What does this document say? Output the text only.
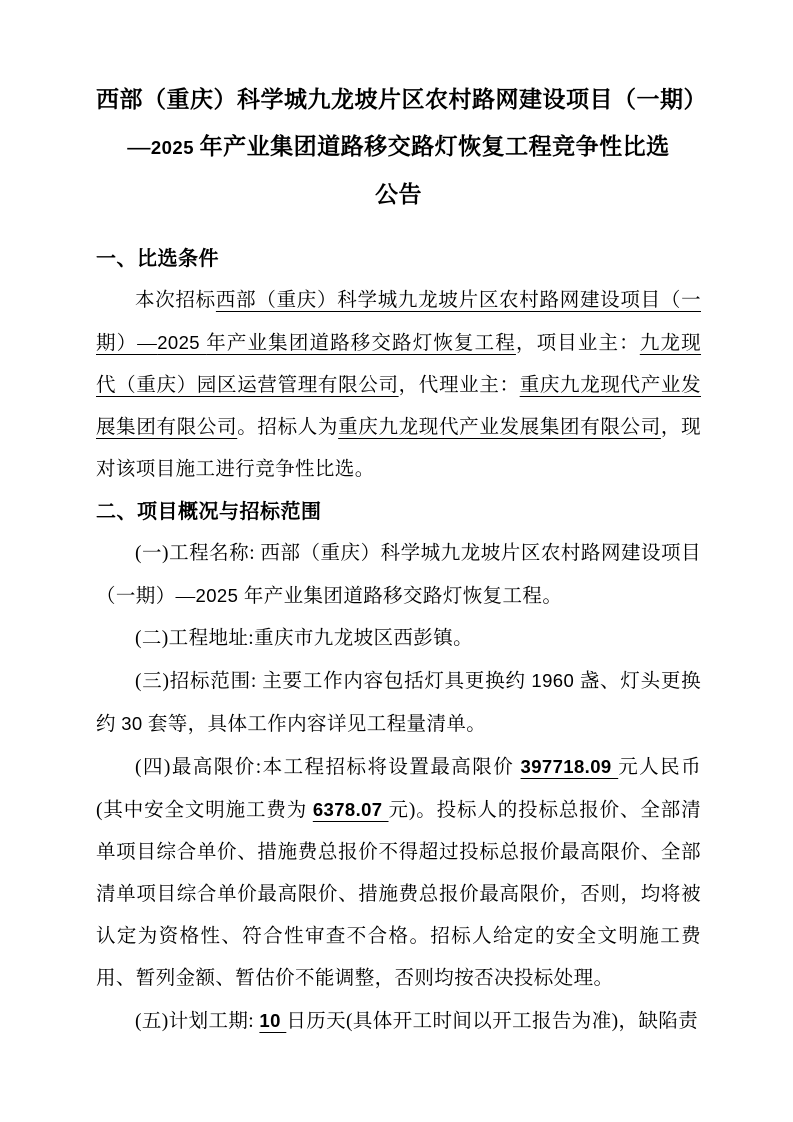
西部（重庆）科学城九龙坡片区农村路网建设项目（一期）
—2025 年产业集团道路移交路灯恢复工程竞争性比选
公告
一、比选条件

本次招标西部（重庆）科学城九龙坡片区农村路网建设项目（一期）—2025 年产业集团道路移交路灯恢复工程，项目业主：九龙现代（重庆）园区运营管理有限公司，代理业主：重庆九龙现代产业发展集团有限公司。招标人为重庆九龙现代产业发展集团有限公司，现对该项目施工进行竞争性比选。

二、项目概况与招标范围

(一)工程名称: 西部（重庆）科学城九龙坡片区农村路网建设项目（一期）—2025 年产业集团道路移交路灯恢复工程。

(二)工程地址:重庆市九龙坡区西彭镇。

(三)招标范围: 主要工作内容包括灯具更换约 1960 盏、灯头更换约 30 套等，具体工作内容详见工程量清单。

(四)最高限价:本工程招标将设置最高限价 397718.09 元人民币(其中安全文明施工费为 6378.07 元)。投标人的投标总报价、全部清单项目综合单价、措施费总报价不得超过投标总报价最高限价、全部清单项目综合单价最高限价、措施费总报价最高限价，否则，均将被认定为资格性、符合性审查不合格。招标人给定的安全文明施工费用、暂列金额、暂估价不能调整，否则均按否决投标处理。

(五)计划工期: 10 日历天(具体开工时间以开工报告为准)，缺陷责
